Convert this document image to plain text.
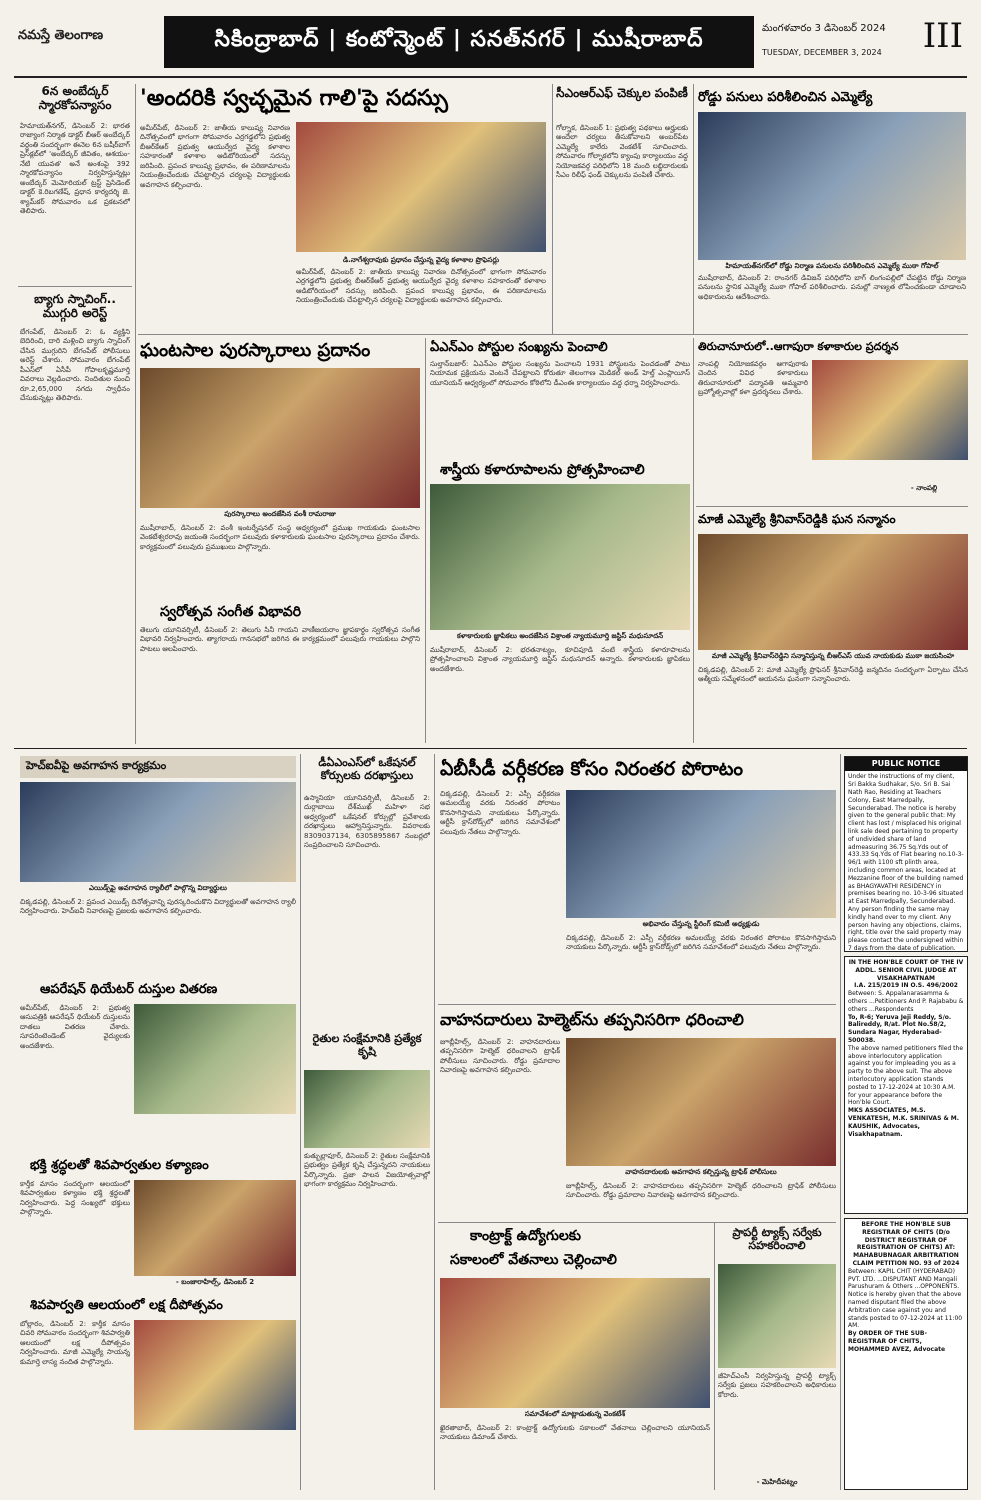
నమస్తే తెలంగాణ	సికింద్రాబాద్ | కంటోన్మెంట్ | సనత్‌నగర్ | ముషీరాబాద్	మంగళవారం 3 డిసెంబర్ 2024
TUESDAY, DECEMBER 3, 2024 III
6న అంబేద్కర్ స్మారకోపన్యాసం
హిమాయత్‌నగర్, డిసెంబర్ 2: భారత రాజ్యాంగ నిర్మాత డాక్టర్ బీఆర్ అంబేద్కర్ వర్ధంతి సందర్భంగా ఈనెల 6న బషీర్‌బాగ్ ప్రెస్‌క్లబ్‌లో 'అంబేద్కర్ జీవితం, ఆశయం-నేటి యువత' అనే అంశంపై 392 స్మారకోపన్యాసం నిర్వహిస్తున్నట్లు అంబేద్కర్ మెమోరియల్ ట్రస్ట్ ప్రెసిడెంట్ డాక్టర్ కె.రిబగణేష్, ప్రధాన కార్యదర్శి జె. శ్యామ్‌కర్ సోమవారం ఒక ప్రకటనలో తెలిపారు.
బ్యాగు స్నాచింగ్.. ముగ్గురి అరెస్ట్
బేగంపేట్, డిసెంబర్ 2: ఓ వ్యక్తిని బెదిరించి, దారి మళ్లించి బ్యాగు స్నాచింగ్ చేసిన ముగ్గురిని బేగంపేట్ పోలీసులు అరెస్ట్ చేశారు. సోమవారం బేగంపేట్ పీఎస్‌లో ఏసీపీ గోపాలకృష్ణమూర్తి వివరాలు వెల్లడించారు. నిందితుల నుంచి రూ.2,65,000 నగదు స్వాధీనం చేసుకున్నట్లు తెలిపారు.
'అందరికి స్వచ్ఛమైన గాలి'పై సదస్సు
అమీర్‌పేట్, డిసెంబర్ 2: జాతీయ కాలుష్య నివారణ దినోత్సవంలో భాగంగా సోమవారం ఎర్రగడ్డలోని ప్రభుత్వ బీఆర్‌కేఆర్ ప్రభుత్వ ఆయుర్వేద వైద్య కళాశాల సహకారంతో కళాశాల ఆడిటోరియంలో సదస్సు జరిపింది. ప్రపంచ కాలుష్య ప్రభావం, ఈ పరిణామాలను నియంత్రించేందుకు చేపట్టాల్సిన చర్యలపై విద్యార్థులకు అవగాహన కల్పించారు.
డి.నాగేశ్వరావుకు ప్రధానం చేస్తున్న వైద్య కళాశాల ప్రొఫెసర్లు
అమీర్‌పేట్, డిసెంబర్ 2: జాతీయ కాలుష్య నివారణ దినోత్సవంలో భాగంగా సోమవారం ఎర్రగడ్డలోని ప్రభుత్వ బీఆర్‌కేఆర్ ప్రభుత్వ ఆయుర్వేద వైద్య కళాశాల సహకారంతో కళాశాల ఆడిటోరియంలో సదస్సు జరిపింది. ప్రపంచ కాలుష్య ప్రభావం, ఈ పరిణామాలను నియంత్రించేందుకు చేపట్టాల్సిన చర్యలపై విద్యార్థులకు అవగాహన కల్పించారు.
సీఎంఆర్‌ఎఫ్ చెక్కుల పంపిణీ
గోల్నాక, డిసెంబర్ 1: ప్రభుత్వ పథకాలు అర్హులకు అందేలా చర్యలు తీసుకోవాలని అంబర్‌పేట ఎమ్మెల్యే కాలేరు వెంకటేశ్ సూచించారు. సోమవారం గోల్నాకలోని క్యాంపు కార్యాలయం వద్ద నియోజకవర్గ పరిధిలోని 18 మంది లబ్ధిదారులకు సీఎం రిలీఫ్ ఫండ్ చెక్కులను పంపిణీ చేశారు.
రోడ్డు పనులు పరిశీలించిన ఎమ్మెల్యే
హిమాయత్‌నగర్‌లో రోడ్డు నిర్మాణ పనులను పరిశీలించిన ఎమ్మెల్యే ముఠా గోపాల్
ముషీరాబాద్, డిసెంబర్ 2: రాంనగర్ డివిజన్ పరిధిలోని బాగ్ లింగంపల్లిలో చేపట్టిన రోడ్డు నిర్మాణ పనులను స్థానిక ఎమ్మెల్యే ముఠా గోపాల్ పరిశీలించారు. పనుల్లో నాణ్యత లోపించకుండా చూడాలని అధికారులను ఆదేశించారు.
ఘంటసాల పురస్కారాలు ప్రదానం
పురస్కారాలు అందజేసిన వంశీ రామరాజు
ముషీరాబాద్, డిసెంబర్ 2: వంశీ ఇంటర్నేషనల్ సంస్థ ఆధ్వర్యంలో ప్రముఖ గాయకుడు ఘంటసాల వెంకటేశ్వరరావు జయంతి సందర్భంగా పలువురు కళాకారులకు ఘంటసాల పురస్కారాలు ప్రదానం చేశారు. కార్యక్రమంలో పలువురు ప్రముఖులు పాల్గొన్నారు.
స్వరోత్సవ సంగీత విభావరి
తెలుగు యూనివర్సిటీ, డిసెంబర్ 2: తెలుగు సినీ గాయని వాణీజయరాం జ్ఞాపకార్థం స్వరోత్సవ సంగీత విభావరి నిర్వహించారు. త్యాగరాయ గానసభలో జరిగిన ఈ కార్యక్రమంలో పలువురు గాయకులు పాల్గొని పాటలు ఆలపించారు.
ఏఎన్‌ఎం పోస్టుల సంఖ్యను పెంచాలి
సుల్తాన్‌బజార్: ఏఎన్‌ఎం పోస్టుల సంఖ్యను పెంచాలని 1931 పోస్టులను పెంచడంతో పాటు నియామక ప్రక్రియను వెంటనే చేపట్టాలని కోరుతూ తెలంగాణ మెడికల్ అండ్ హెల్త్ ఎంప్లాయీస్ యూనియన్ ఆధ్వర్యంలో సోమవారం కోఠిలోని డీఎంఈ కార్యాలయం వద్ద ధర్నా నిర్వహించారు.
శాస్త్రీయ కళారూపాలను ప్రోత్సహించాలి
కళాకారులకు జ్ఞాపికలు అందజేసిన విశ్రాంత న్యాయమూర్తి జస్టిస్ మధుసూదన్
ముషీరాబాద్, డిసెంబర్ 2: భరతనాట్యం, కూచిపూడి వంటి శాస్త్రీయ కళారూపాలను ప్రోత్సహించాలని విశ్రాంత న్యాయమూర్తి జస్టిస్ మధుసూదన్ అన్నారు. కళాకారులకు జ్ఞాపికలు అందజేశారు.
తిరుచానూరులో..ఆగాపురా కళాకారుల ప్రదర్శన
నాంపల్లి నియోజకవర్గం ఆగాపురాకు చెందిన వివిధ కళాకారులు తిరుచానూరులో పద్మావతి అమ్మవారి బ్రహ్మోత్సవాల్లో కళా ప్రదర్శనలు చేశారు.
- నాంపల్లి
మాజీ ఎమ్మెల్యే శ్రీనివాస్‌రెడ్డికి ఘన సన్మానం
మాజీ ఎమ్మెల్యే శ్రీనివాస్‌రెడ్డిని సన్మానిస్తున్న బీఆర్‌ఎస్ యువ నాయకుడు ముఠా జయసింహ
చిక్కడపల్లి, డిసెంబర్ 2: మాజీ ఎమ్మెల్యే ప్రొఫెసర్ శ్రీనివాస్‌రెడ్డి జన్మదినం సందర్భంగా ఏర్పాటు చేసిన ఆత్మీయ సమ్మేళనంలో ఆయనను ఘనంగా సన్మానించారు.
హెచ్‌ఐవీపై అవగాహన కార్యక్రమం
ఎయిడ్స్‌పై అవగాహన ర్యాలీలో పాల్గొన్న విద్యార్థులు
చిక్కడపల్లి, డిసెంబర్ 2: ప్రపంచ ఎయిడ్స్ దినోత్సవాన్ని పురస్కరించుకొని విద్యార్థులతో అవగాహన ర్యాలీ నిర్వహించారు. హెచ్‌ఐవీ నివారణపై ప్రజలకు అవగాహన కల్పించారు.
ఆపరేషన్ థియేటర్ దుస్తుల వితరణ
అమీర్‌పేట్, డిసెంబర్ 2: ప్రభుత్వ ఆసుపత్రికి ఆపరేషన్ థియేటర్ దుస్తులను దాతలు వితరణ చేశారు. సూపరింటెండెంట్ వైద్యులకు అందజేశారు.
భక్తి శ్రద్ధలతో శివపార్వతుల కళ్యాణం
కార్తీక మాసం సందర్భంగా ఆలయంలో శివపార్వతుల కళ్యాణం భక్తి శ్రద్ధలతో నిర్వహించారు. పెద్ద సంఖ్యలో భక్తులు పాల్గొన్నారు.
- బంజారాహిల్స్, డిసెంబర్ 2
శివపార్వతి ఆలయంలో లక్ష దీపోత్సవం
బోల్లారం, డిసెంబర్ 2: కార్తీక మాసం చివరి సోమవారం సందర్భంగా శివపార్వతి ఆలయంలో లక్ష దీపోత్సవం నిర్వహించారు. మాజీ ఎమ్మెల్యే సాయన్న కుమార్తె లాస్య నందిత పాల్గొన్నారు.
డీఏఎంఎస్‌లో ఒకేషనల్ కోర్సులకు దరఖాస్తులు
ఉస్మానియా యూనివర్సిటీ, డిసెంబర్ 2: దుర్గాబాయి దేశ్‌ముఖ్ మహిళా సభ ఆధ్వర్యంలో ఒకేషనల్ కోర్సుల్లో ప్రవేశాలకు దరఖాస్తులు ఆహ్వానిస్తున్నారు. వివరాలకు 8309037134, 6305895867 నంబర్లలో సంప్రదించాలని సూచించారు.
రైతుల సంక్షేమానికి ప్రత్యేక కృషి
కుత్బుల్లాపూర్, డిసెంబర్ 2: రైతుల సంక్షేమానికి ప్రభుత్వం ప్రత్యేక కృషి చేస్తున్నదని నాయకులు పేర్కొన్నారు. ప్రజా పాలన విజయోత్సవాల్లో భాగంగా కార్యక్రమం నిర్వహించారు.
ఏబీసీడీ వర్గీకరణ కోసం నిరంతర పోరాటం
చిక్కడపల్లి, డిసెంబర్ 2: ఎస్సీ వర్గీకరణ అమలయ్యే వరకు నిరంతర పోరాటం కొనసాగిస్తామని నాయకులు పేర్కొన్నారు. ఆర్టీసీ క్రాస్‌రోడ్స్‌లో జరిగిన సమావేశంలో పలువురు నేతలు పాల్గొన్నారు.
అభివాదం చేస్తున్న స్టీరింగ్ కమిటీ అధ్యక్షుడు
చిక్కడపల్లి, డిసెంబర్ 2: ఎస్సీ వర్గీకరణ అమలయ్యే వరకు నిరంతర పోరాటం కొనసాగిస్తామని నాయకులు పేర్కొన్నారు. ఆర్టీసీ క్రాస్‌రోడ్స్‌లో జరిగిన సమావేశంలో పలువురు నేతలు పాల్గొన్నారు.
వాహనదారులు హెల్మెట్‌ను తప్పనిసరిగా ధరించాలి
జూబ్లీహిల్స్, డిసెంబర్ 2: వాహనదారులు తప్పనిసరిగా హెల్మెట్ ధరించాలని ట్రాఫిక్ పోలీసులు సూచించారు. రోడ్డు ప్రమాదాల నివారణపై అవగాహన కల్పించారు.
వాహనదారులకు అవగాహన కల్పిస్తున్న ట్రాఫిక్ పోలీసులు
జూబ్లీహిల్స్, డిసెంబర్ 2: వాహనదారులు తప్పనిసరిగా హెల్మెట్ ధరించాలని ట్రాఫిక్ పోలీసులు సూచించారు. రోడ్డు ప్రమాదాల నివారణపై అవగాహన కల్పించారు.
కాంట్రాక్ట్ ఉద్యోగులకు
సకాలంలో వేతనాలు చెల్లించాలి
సమావేశంలో మాట్లాడుతున్న వెంకటేశ్
ఖైరతాబాద్, డిసెంబర్ 2: కాంట్రాక్ట్ ఉద్యోగులకు సకాలంలో వేతనాలు చెల్లించాలని యూనియన్ నాయకులు డిమాండ్ చేశారు.
ప్రాపర్టీ ట్యాక్స్ సర్వేకు సహకరించాలి
జీహెచ్‌ఎంసీ నిర్వహిస్తున్న ప్రాపర్టీ ట్యాక్స్ సర్వేకు ప్రజలు సహకరించాలని అధికారులు కోరారు.
- మెహిదీపట్నం
PUBLIC NOTICE
Under the instructions of my client, Sri Bakka Sudhakar, S/o. Sri B. Sai Nath Rao, Residing at Teachers Colony, East Marredpally, Secunderabad. The notice is hereby given to the general public that: My client has lost / misplaced his original link sale deed pertaining to property of undivided share of land admeasuring 36.75 Sq.Yds out of 433.33 Sq.Yds of Flat bearing no.10-3-96/1 with 1100 sft plinth area, including common areas, located at Mezzanine floor of the building named as BHAGYAVATHI RESIDENCY in premises bearing no. 10-3-96 situated at East Marredpally, Secunderabad. Any person finding the same may kindly hand over to my client. Any person having any objections, claims, right, title over the said property may please contact the undersigned within 7 days from the date of publication.
IN THE HON'BLE COURT OF THE IV ADDL. SENIOR CIVIL JUDGE AT VISAKHAPATNAM
I.A. 215/2019 IN O.S. 496/2002
Between: S. Appalanarasamma & others ...Petitioners And P. Rajababu & others ...Respondents
To, R-6; Yeruva Jeji Reddy, S/o. Balireddy, R/at. Plot No.58/2, Sundara Nagar, Hyderabad-500038.
The above named petitioners filed the above interlocutory application against you for impleading you as a party to the above suit. The above interlocutory application stands posted to 17-12-2024 at 10:30 A.M. for your appearance before the Hon'ble Court.
MKS ASSOCIATES, M.S. VENKATESH, M.K. SRINIVAS & M. KAUSHIK, Advocates, Visakhapatnam.
BEFORE THE HON'BLE SUB REGISTRAR OF CHITS (D/o DISTRICT REGISTRAR OF REGISTRATION OF CHITS) AT: MAHABUBNAGAR ARBITRATION CLAIM PETITION NO. 93 of 2024
Between: KAPIL CHIT (HYDERABAD) PVT. LTD. ...DISPUTANT AND Mangali Parushuram & Others ...OPPONENTS. Notice is hereby given that the above named disputant filed the above Arbitration case against you and stands posted to 07-12-2024 at 11:00 AM.
By ORDER OF THE SUB-REGISTRAR OF CHITS, MOHAMMED AVEZ, Advocate
